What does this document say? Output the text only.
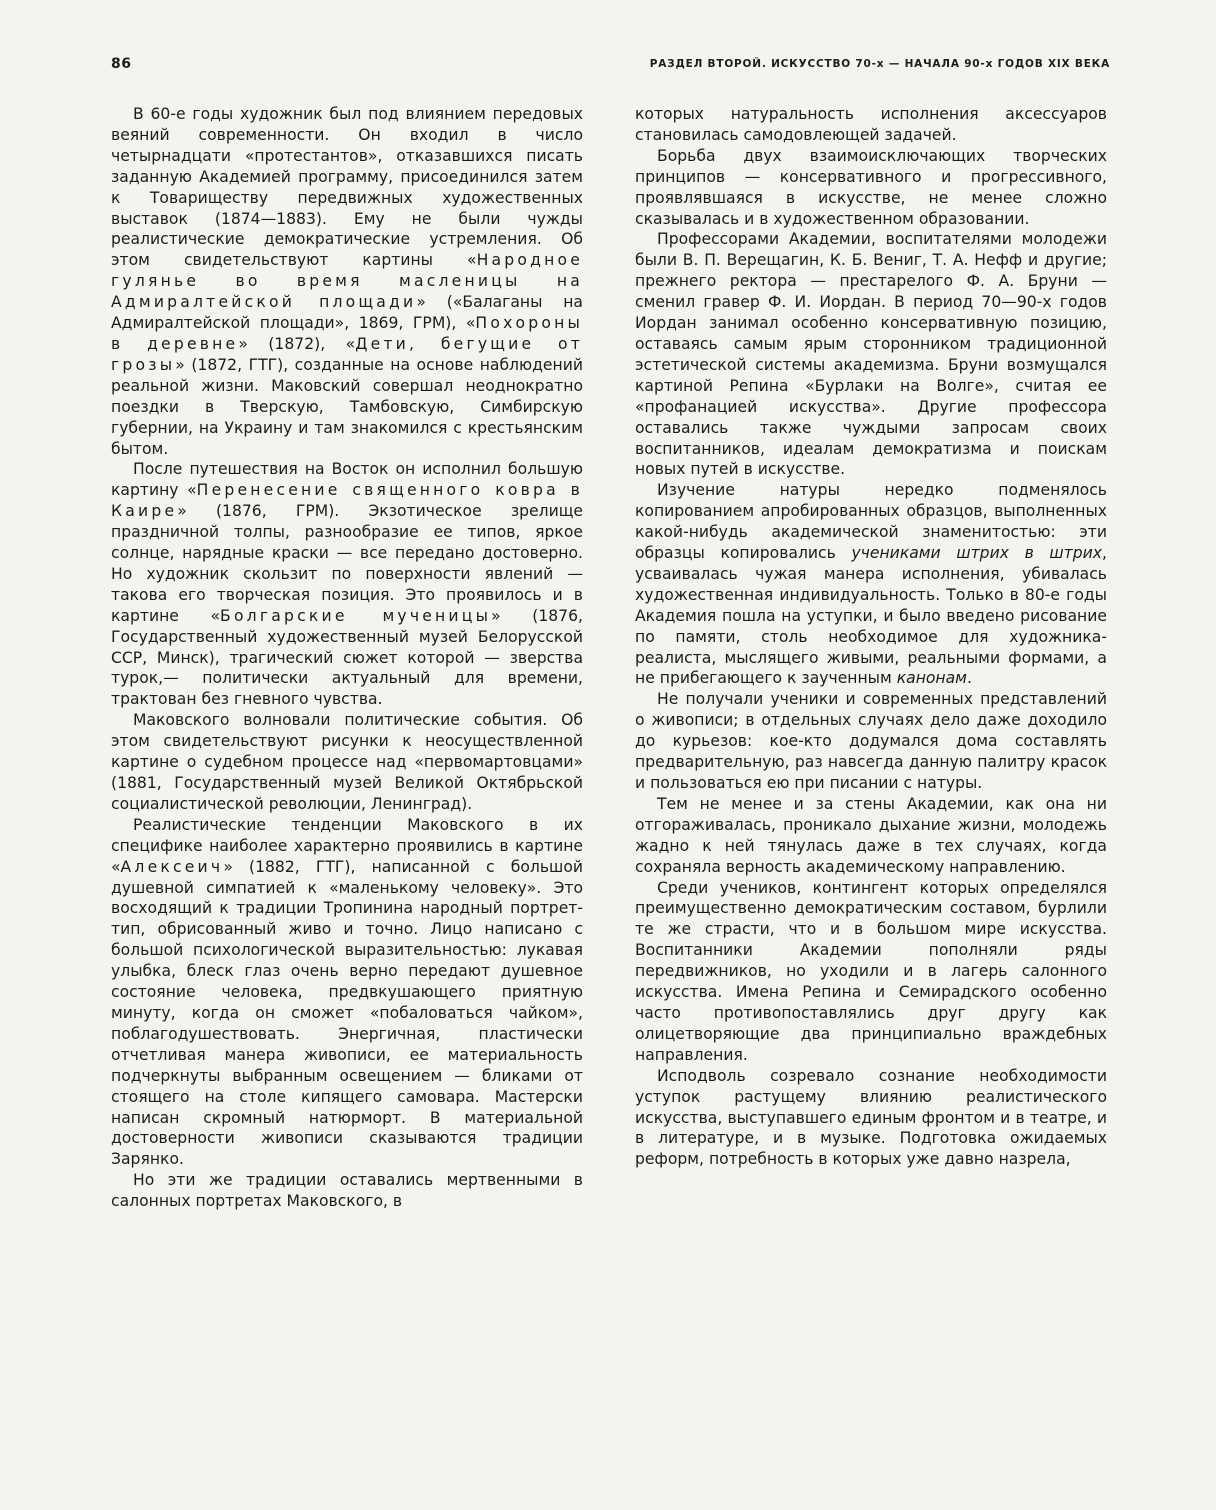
86	РАЗДЕЛ ВТОРОЙ. ИСКУССТВО 70-х — НАЧАЛА 90-х ГОДОВ XIX ВЕКА

В 60-е годы художник был под влиянием передовых веяний современности. Он входил в число четырнадцати «протестантов», отказавшихся писать заданную Академией программу, присоединился затем к Товариществу передвижных художественных выставок (1874—1883). Ему не были чужды реалистические демократические устремления. Об этом свидетельствуют картины «Народное гулянье во время масленицы на Адмиралтейской площади» («Балаганы на Адмиралтейской площади», 1869, ГРМ), «Похороны в деревне» (1872), «Дети, бегущие от грозы» (1872, ГТГ), созданные на основе наблюдений реальной жизни. Маковский совершал неоднократно поездки в Тверскую, Тамбовскую, Симбирскую губернии, на Украину и там знакомился с крестьянским бытом.

После путешествия на Восток он исполнил большую картину «Перенесение священного ковра в Каире» (1876, ГРМ). Экзотическое зрелище праздничной толпы, разнообразие ее типов, яркое солнце, нарядные краски — все передано достоверно. Но художник скользит по поверхности явлений — такова его творческая позиция. Это проявилось и в картине «Болгарские мученицы» (1876, Государственный художественный музей Белорусской ССР, Минск), трагический сюжет которой — зверства турок,— политически актуальный для времени, трактован без гневного чувства.

Маковского волновали политические события. Об этом свидетельствуют рисунки к неосуществленной картине о судебном процессе над «первомартовцами» (1881, Государственный музей Великой Октябрьской социалистической революции, Ленинград).

Реалистические тенденции Маковского в их специфике наиболее характерно проявились в картине «Алексеич» (1882, ГТГ), написанной с большой душевной симпатией к «маленькому человеку». Это восходящий к традиции Тропинина народный портрет-тип, обрисованный живо и точно. Лицо написано с большой психологической выразительностью: лукавая улыбка, блеск глаз очень верно передают душевное состояние человека, предвкушающего приятную минуту, когда он сможет «побаловаться чайком», поблагодушествовать. Энергичная, пластически отчетливая манера живописи, ее материальность подчеркнуты выбранным освещением — бликами от стоящего на столе кипящего самовара. Мастерски написан скромный натюрморт. В материальной достоверности живописи сказываются традиции Зарянко.

Но эти же традиции оставались мертвенными в салонных портретах Маковского, в

которых натуральность исполнения аксессуаров становилась самодовлеющей задачей.

Борьба двух взаимоисключающих творческих принципов — консервативного и прогрессивного, проявлявшаяся в искусстве, не менее сложно сказывалась и в художественном образовании.

Профессорами Академии, воспитателями молодежи были В. П. Верещагин, К. Б. Вениг, Т. А. Нефф и другие; прежнего ректора — престарелого Ф. А. Бруни — сменил гравер Ф. И. Иордан. В период 70—90-х годов Иордан занимал особенно консервативную позицию, оставаясь самым ярым сторонником традиционной эстетической системы академизма. Бруни возмущался картиной Репина «Бурлаки на Волге», считая ее «профанацией искусства». Другие профессора оставались также чуждыми запросам своих воспитанников, идеалам демократизма и поискам новых путей в искусстве.

Изучение натуры нередко подменялось копированием апробированных образцов, выполненных какой-нибудь академической знаменитостью: эти образцы копировались учениками штрих в штрих, усваивалась чужая манера исполнения, убивалась художественная индивидуальность. Только в 80-е годы Академия пошла на уступки, и было введено рисование по памяти, столь необходимое для художника-реалиста, мыслящего живыми, реальными формами, а не прибегающего к заученным канонам.

Не получали ученики и современных представлений о живописи; в отдельных случаях дело даже доходило до курьезов: кое-кто додумался дома составлять предварительную, раз навсегда данную палитру красок и пользоваться ею при писании с натуры.

Тем не менее и за стены Академии, как она ни отгораживалась, проникало дыхание жизни, молодежь жадно к ней тянулась даже в тех случаях, когда сохраняла верность академическому направлению.

Среди учеников, контингент которых определялся преимущественно демократическим составом, бурлили те же страсти, что и в большом мире искусства. Воспитанники Академии пополняли ряды передвижников, но уходили и в лагерь салонного искусства. Имена Репина и Семирадского особенно часто противопоставлялись друг другу как олицетворяющие два принципиально враждебных направления.

Исподволь созревало сознание необходимости уступок растущему влиянию реалистического искусства, выступавшего единым фронтом и в театре, и в литературе, и в музыке. Подготовка ожидаемых реформ, потребность в которых уже давно назрела,
